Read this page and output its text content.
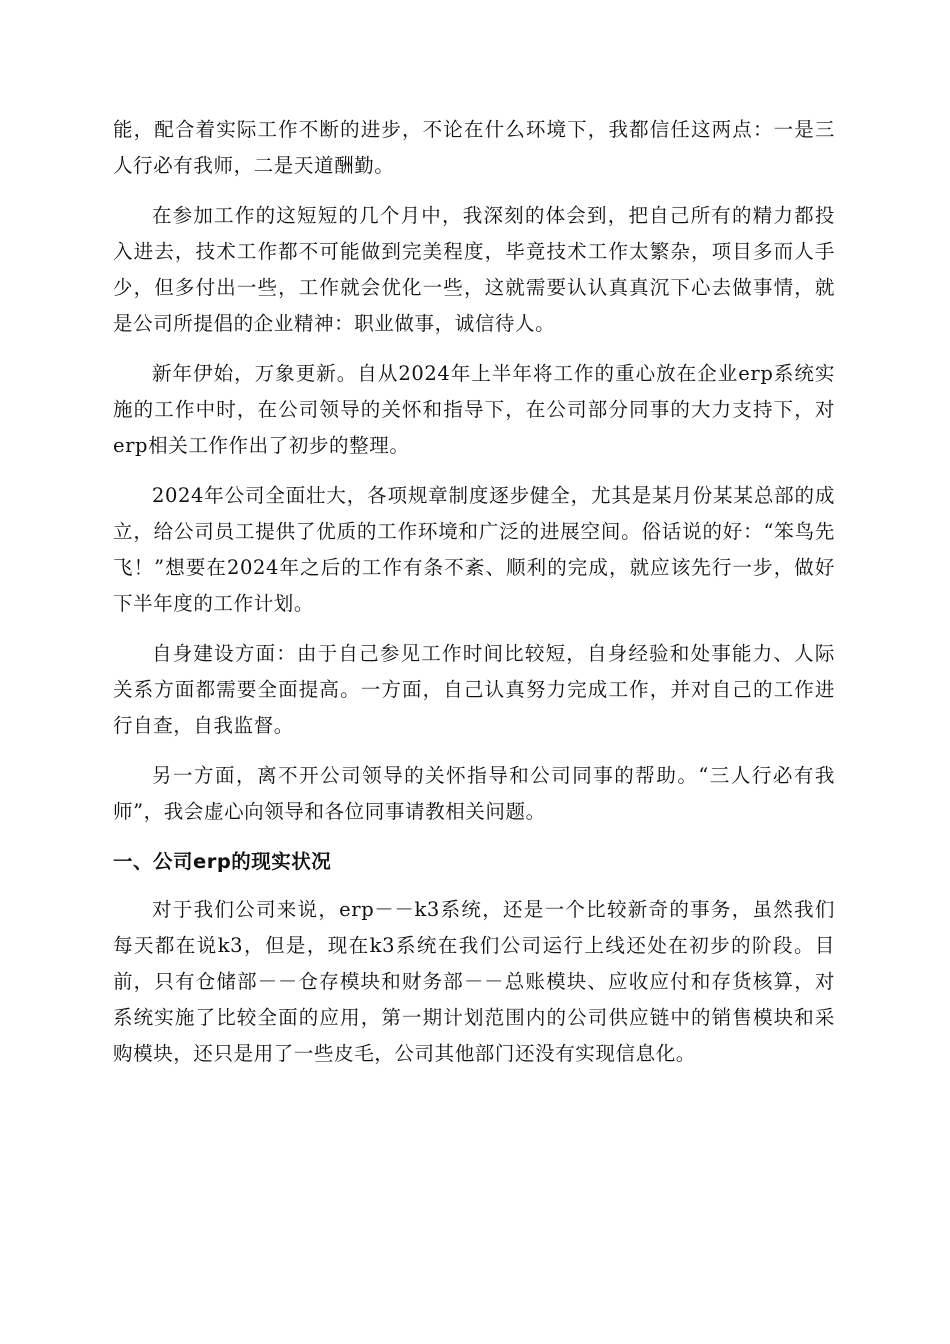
能，配合着实际工作不断的进步，不论在什么环境下，我都信任这两点：一是三人行必有我师，二是天道酬勤。

在参加工作的这短短的几个月中，我深刻的体会到，把自己所有的精力都投入进去，技术工作都不可能做到完美程度，毕竟技术工作太繁杂，项目多而人手少，但多付出一些，工作就会优化一些，这就需要认认真真沉下心去做事情，就是公司所提倡的企业精神：职业做事，诚信待人。

新年伊始，万象更新。自从2024年上半年将工作的重心放在企业erp系统实施的工作中时，在公司领导的关怀和指导下，在公司部分同事的大力支持下，对erp相关工作作出了初步的整理。

2024年公司全面壮大，各项规章制度逐步健全，尤其是某月份某某总部的成立，给公司员工提供了优质的工作环境和广泛的进展空间。俗话说的好：“笨鸟先飞！”想要在2024年之后的工作有条不紊、顺利的完成，就应该先行一步，做好下半年度的工作计划。

自身建设方面：由于自己参见工作时间比较短，自身经验和处事能力、人际关系方面都需要全面提高。一方面，自己认真努力完成工作，并对自己的工作进行自查，自我监督。

另一方面，离不开公司领导的关怀指导和公司同事的帮助。“三人行必有我师”，我会虚心向领导和各位同事请教相关问题。

一、公司erp的现实状况

对于我们公司来说，erp－－k3系统，还是一个比较新奇的事务，虽然我们每天都在说k3，但是，现在k3系统在我们公司运行上线还处在初步的阶段。目前，只有仓储部－－仓存模块和财务部－－总账模块、应收应付和存货核算，对系统实施了比较全面的应用，第一期计划范围内的公司供应链中的销售模块和采购模块，还只是用了一些皮毛，公司其他部门还没有实现信息化。
